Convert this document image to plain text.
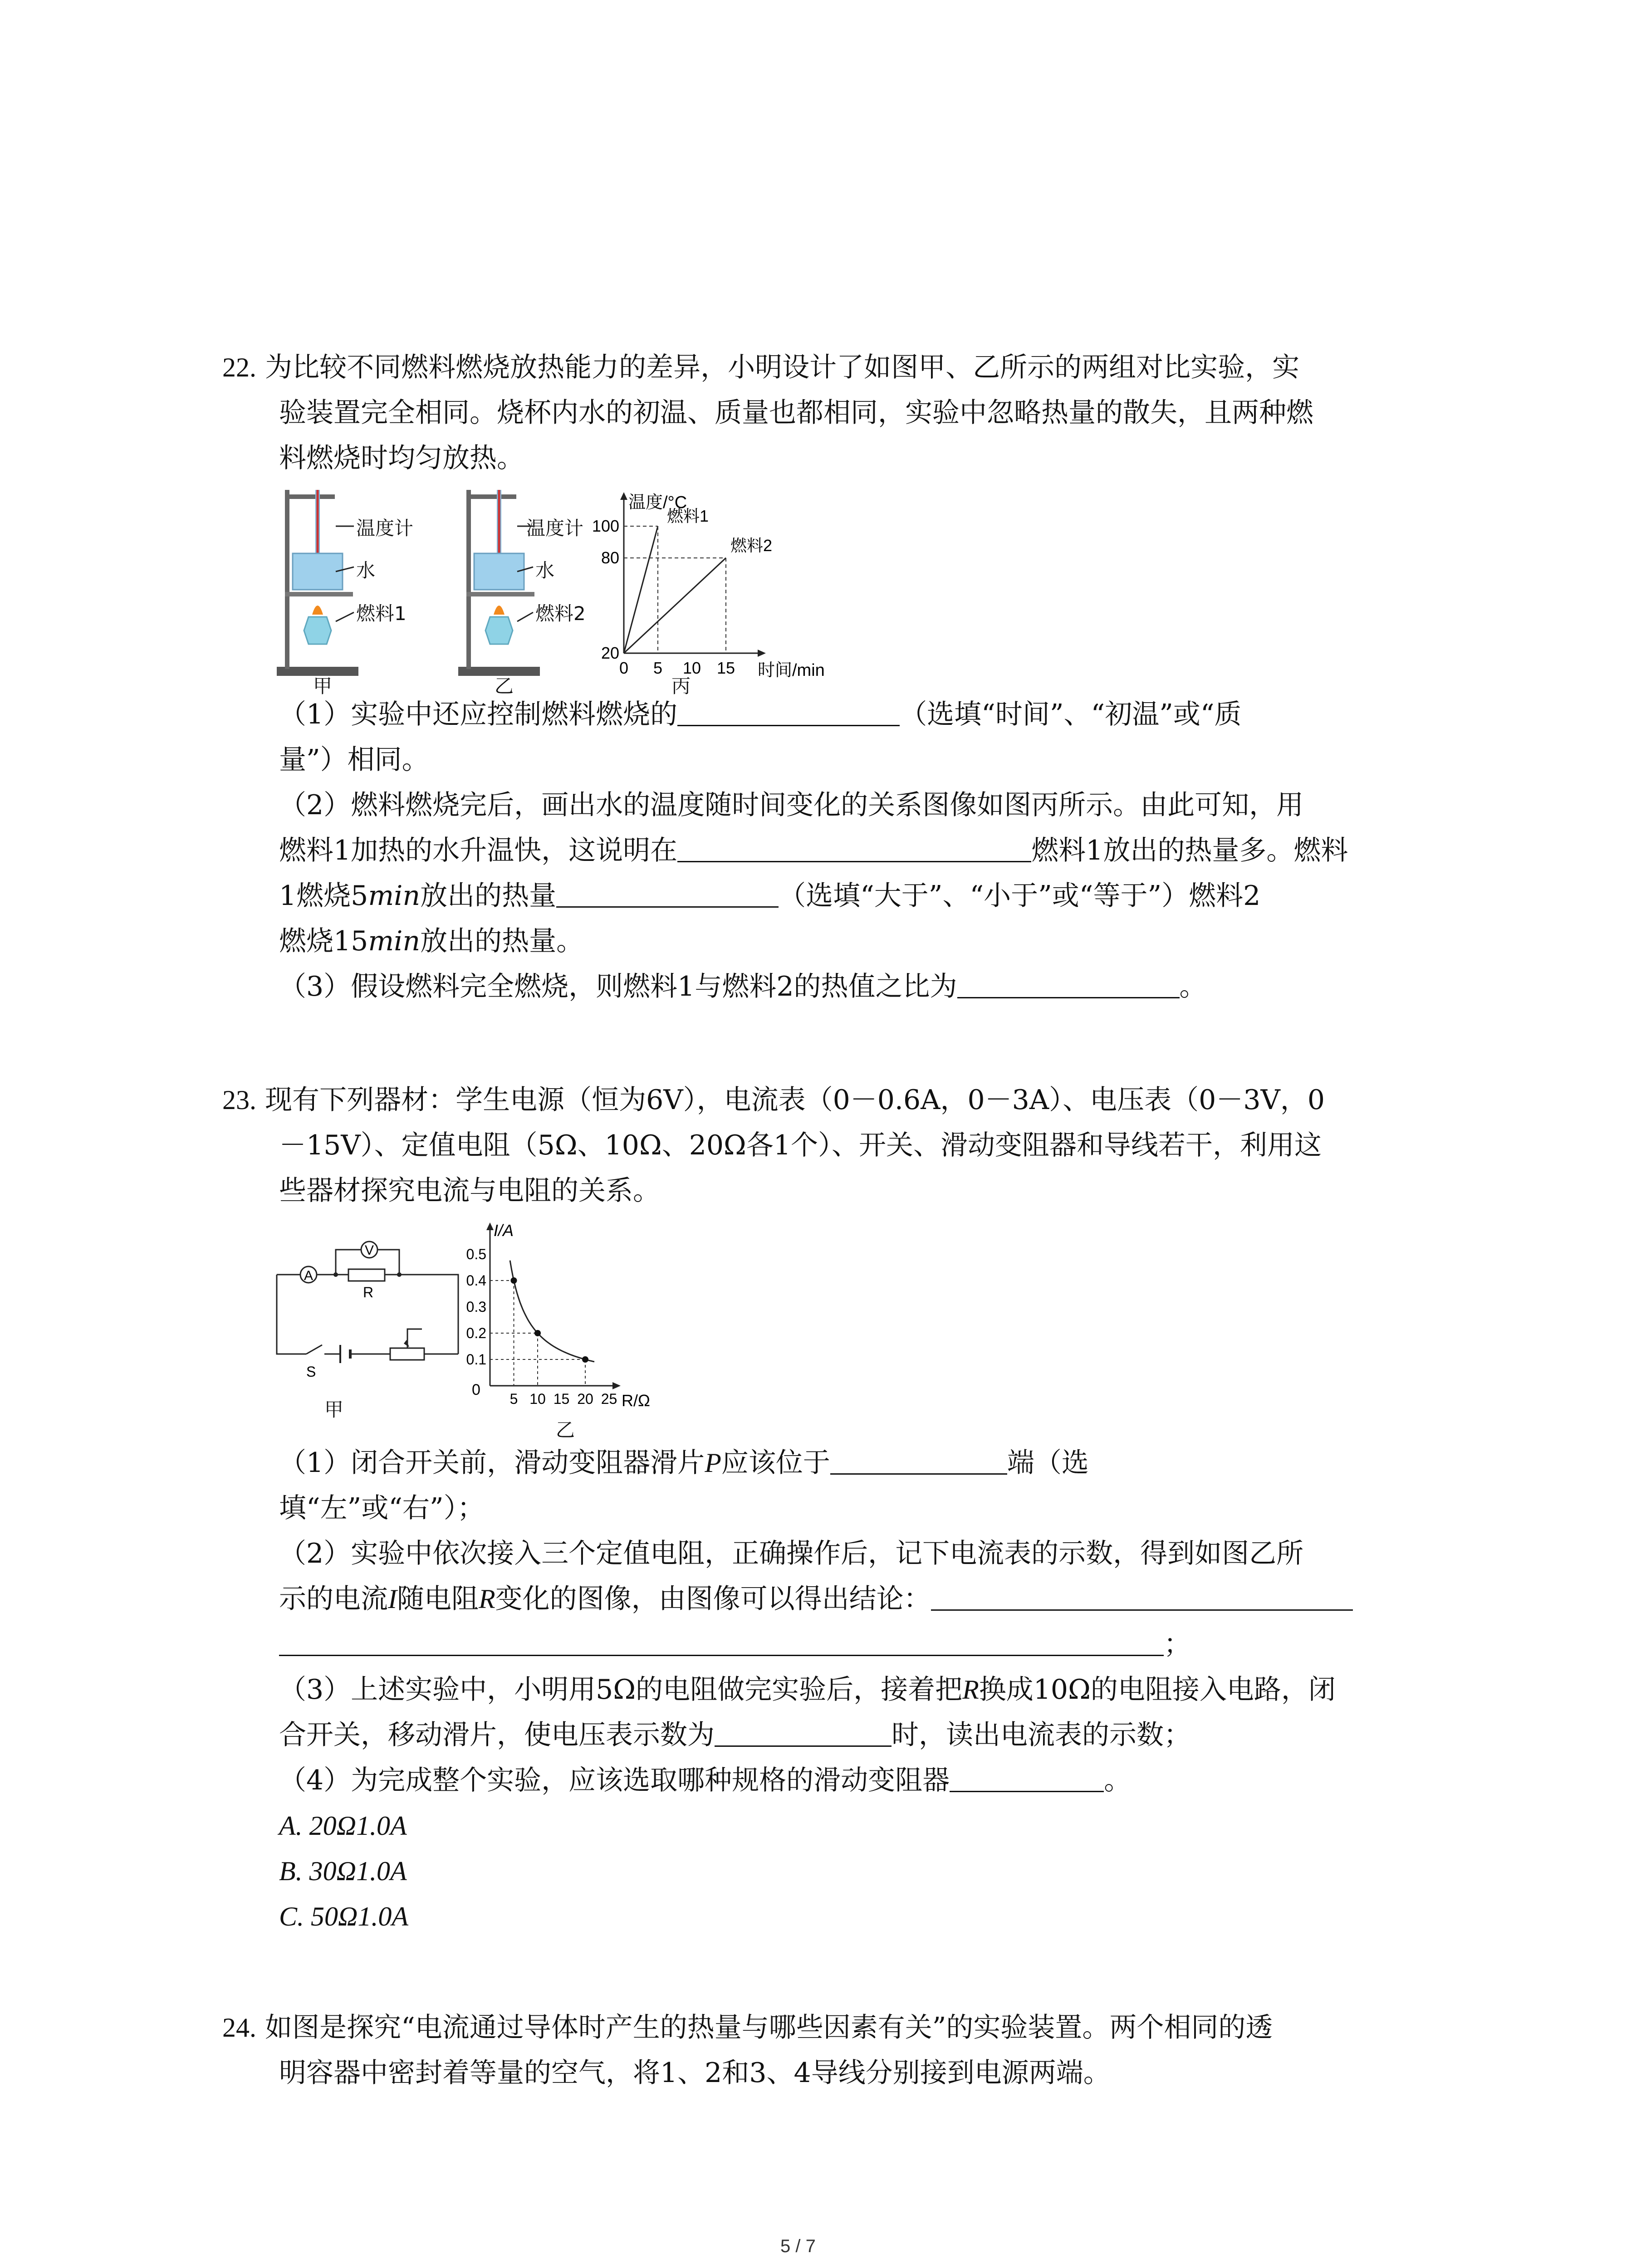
22. 为比较不同燃料燃烧放热能力的差异，小明设计了如图甲、乙所示的两组对比实验，实
验装置完全相同。烧杯内水的初温、质量也都相同，实验中忽略热量的散失，且两种燃
料燃烧时均匀放热。
温度计
水
燃料1
甲
温度计
水
燃料2
乙
温度/°C
时间/min
0 5 10 15
20
80
100
燃料1
燃料2
丙
（1）实验中还应控制燃料燃烧的	（选填“时间”、“初温”或“质
量”）相同。
（2）燃料燃烧完后，画出水的温度随时间变化的关系图像如图丙所示。由此可知，用
燃料1加热的水升温快，这说明在	燃料1放出的热量多。燃料
1燃烧5min放出的热量	（选填“大于”、“小于”或“等于”）燃料2
燃烧15min放出的热量。
（3）假设燃料完全燃烧，则燃料1与燃料2的热值之比为	。
23. 现有下列器材：学生电源（恒为6V），电流表（0－0.6A，0－3A）、电压表（0－3V，0
－15V）、定值电阻（5Ω、10Ω、20Ω各1个）、开关、滑动变阻器和导线若干，利用这
些器材探究电流与电阻的关系。
A
V
R
S
甲
I/A
R/Ω
0
5 10 15 20 25
0.1
0.2
0.3
0.4
0.5
乙
（1）闭合开关前，滑动变阻器滑片P应该位于	端（选
填“左”或“右”）；
（2）实验中依次接入三个定值电阻，正确操作后，记下电流表的示数，得到如图乙所
示的电流I随电阻R变化的图像，由图像可以得出结论：
；
（3）上述实验中，小明用5Ω的电阻做完实验后，接着把R换成10Ω的电阻接入电路，闭
合开关，移动滑片，使电压表示数为	时，读出电流表的示数；
（4）为完成整个实验，应该选取哪种规格的滑动变阻器	。
A. 20Ω1.0A
B. 30Ω1.0A
C. 50Ω1.0A
24. 如图是探究“电流通过导体时产生的热量与哪些因素有关”的实验装置。两个相同的透
明容器中密封着等量的空气，将1、2和3、4导线分别接到电源两端。
5 / 7
